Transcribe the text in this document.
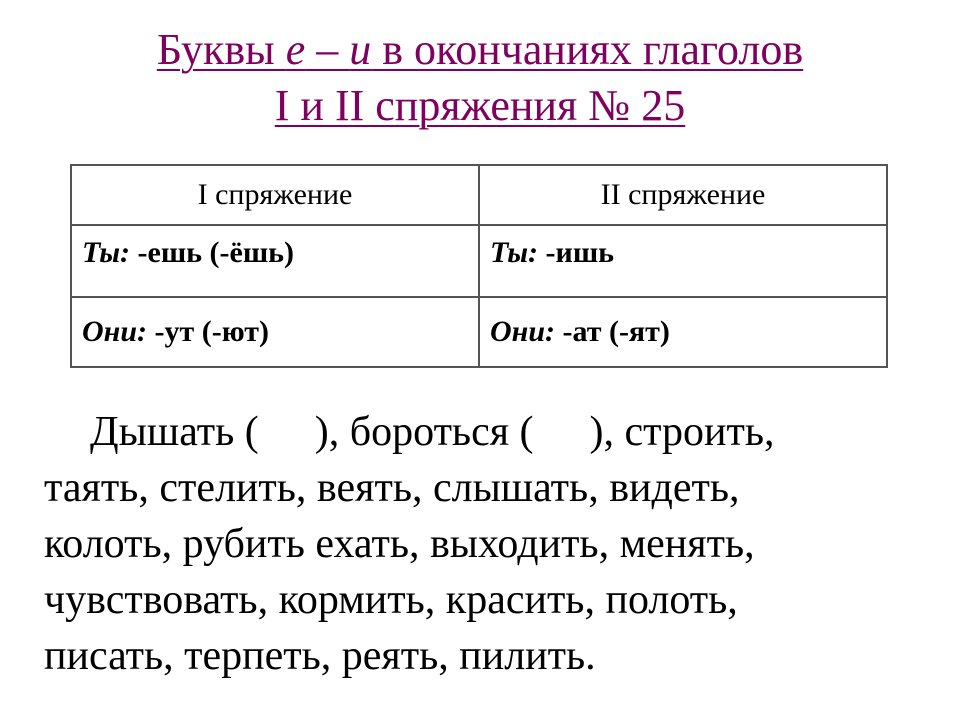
Буквы е – и в окончаниях глаголов
I и II спряжения № 25
I спряжение	II спряжение
Ты: -ешь (-ёшь)	Ты: -ишь
Они: -ут (-ют)	Они: -ат (-ят)
Дышать ( ), бороться ( ), строить,
таять, стелить, веять, слышать, видеть,
колоть, рубить ехать, выходить, менять,
чувствовать, кормить, красить, полоть,
писать, терпеть, реять, пилить.
